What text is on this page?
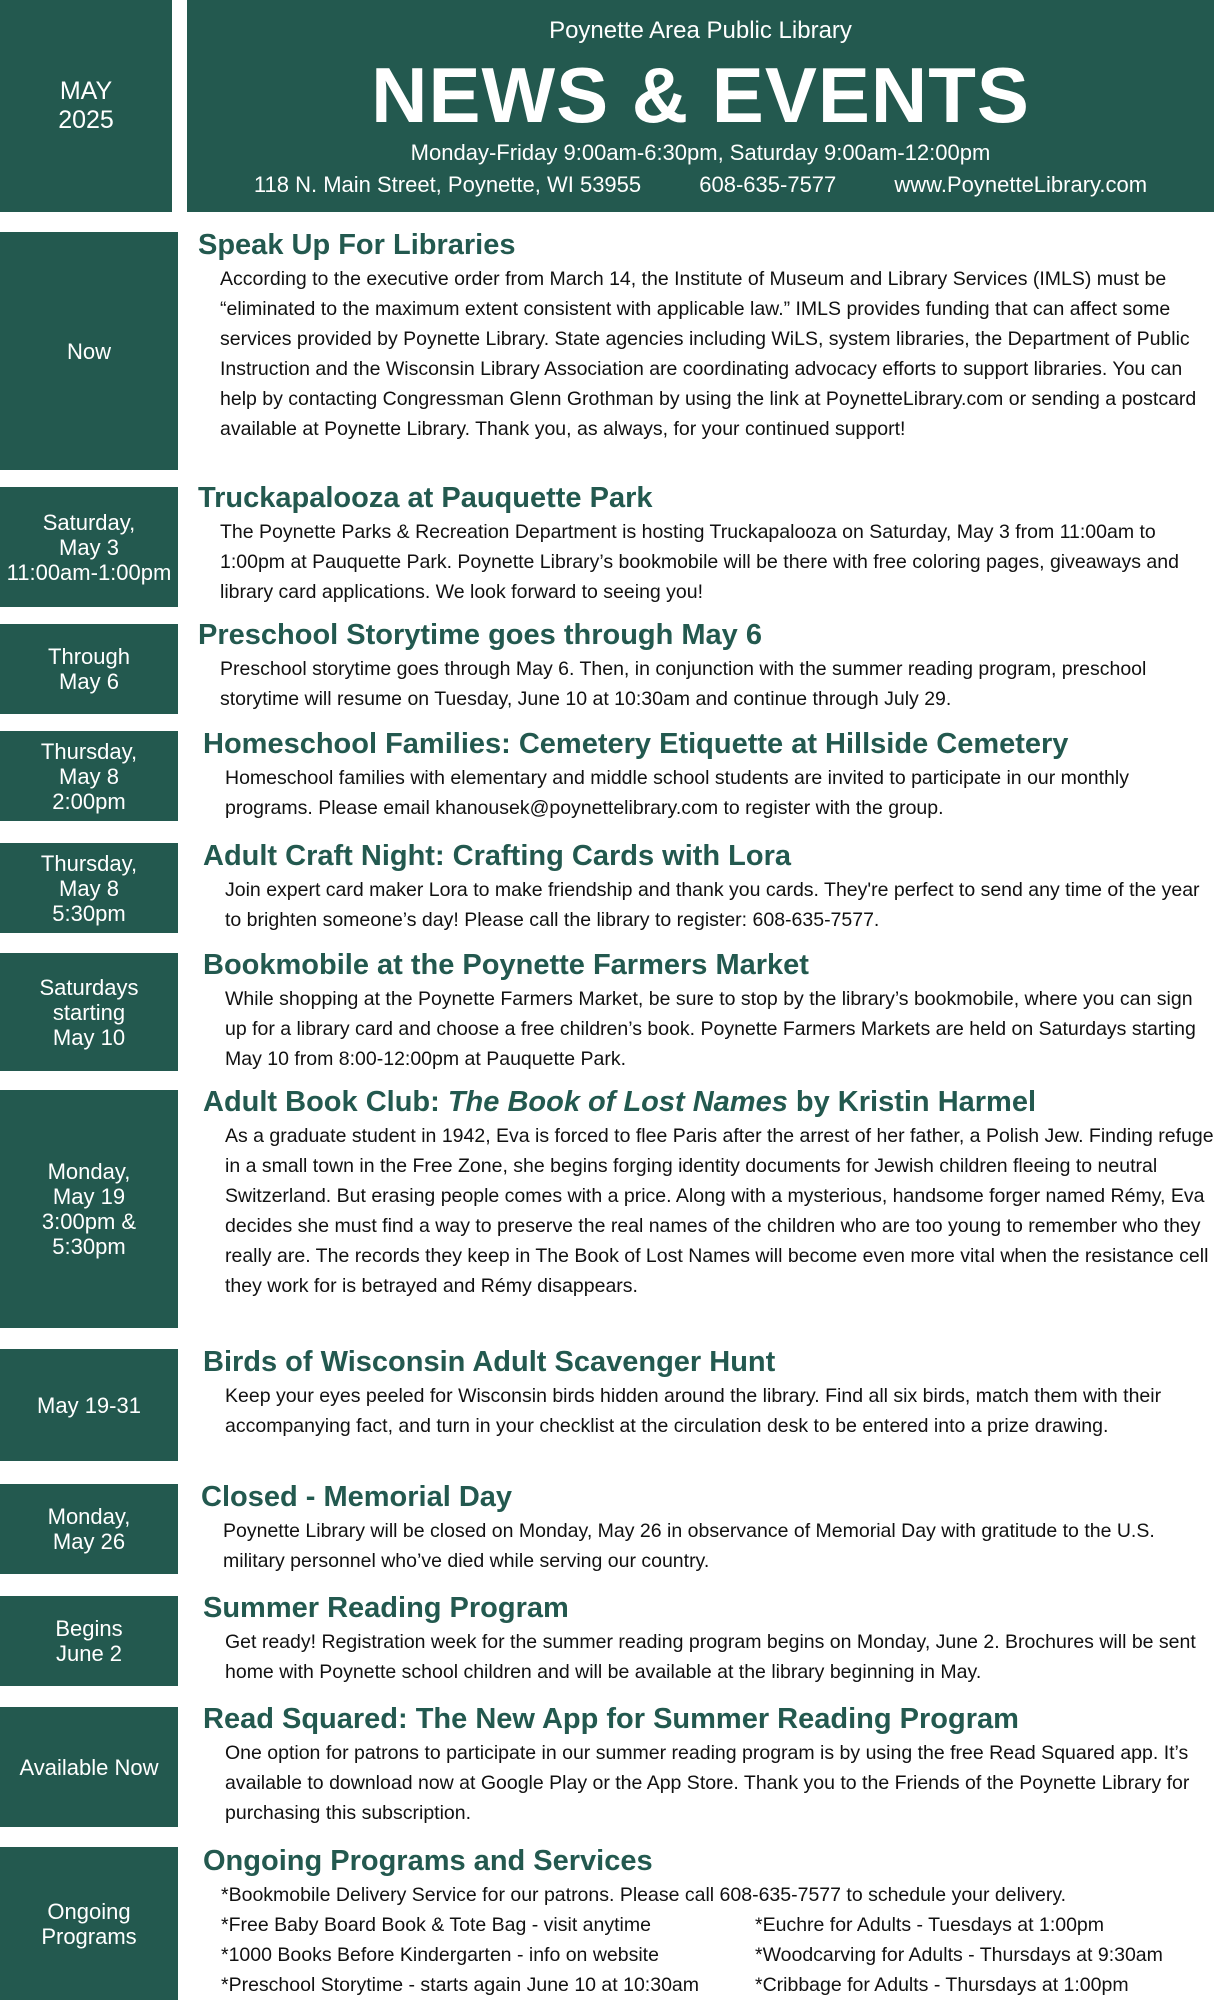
MAY
2025
Poynette Area Public Library
NEWS & EVENTS
Monday-Friday 9:00am-6:30pm, Saturday 9:00am-12:00pm
118 N. Main Street, Poynette, WI 53955	608-635-7577	www.PoynetteLibrary.com
Now
Speak Up For Libraries

According to the executive order from March 14, the Institute of Museum and Library Services (IMLS) must be “eliminated to the maximum extent consistent with applicable law.” IMLS provides funding that can affect some services provided by Poynette Library. State agencies including WiLS, system libraries, the Department of Public Instruction and the Wisconsin Library Association are coordinating advocacy efforts to support libraries. You can help by contacting Congressman Glenn Grothman by using the link at PoynetteLibrary.com or sending a postcard available at Poynette Library. Thank you, as always, for your continued support!

Saturday,
May 3
11:00am-1:00pm
Truckapalooza at Pauquette Park

The Poynette Parks & Recreation Department is hosting Truckapalooza on Saturday, May 3 from 11:00am to 1:00pm at Pauquette Park. Poynette Library’s bookmobile will be there with free coloring pages, giveaways and library card applications. We look forward to seeing you!

Through
May 6
Preschool Storytime goes through May 6

Preschool storytime goes through May 6. Then, in conjunction with the summer reading program, preschool storytime will resume on Tuesday, June 10 at 10:30am and continue through July 29.

Thursday,
May 8
2:00pm
Homeschool Families: Cemetery Etiquette at Hillside Cemetery

Homeschool families with elementary and middle school students are invited to participate in our monthly programs. Please email khanousek@poynettelibrary.com to register with the group.

Thursday,
May 8
5:30pm
Adult Craft Night: Crafting Cards with Lora

Join expert card maker Lora to make friendship and thank you cards. They're perfect to send any time of the year to brighten someone’s day! Please call the library to register: 608-635-7577.

Saturdays
starting
May 10
Bookmobile at the Poynette Farmers Market

While shopping at the Poynette Farmers Market, be sure to stop by the library’s bookmobile, where you can sign up for a library card and choose a free children’s book. Poynette Farmers Markets are held on Saturdays starting May 10 from 8:00-12:00pm at Pauquette Park.

Monday,
May 19
3:00pm &
5:30pm
Adult Book Club: The Book of Lost Names by Kristin Harmel

As a graduate student in 1942, Eva is forced to flee Paris after the arrest of her father, a Polish Jew. Finding refuge in a small town in the Free Zone, she begins forging identity documents for Jewish children fleeing to neutral Switzerland. But erasing people comes with a price. Along with a mysterious, handsome forger named Rémy, Eva decides she must find a way to preserve the real names of the children who are too young to remember who they really are. The records they keep in The Book of Lost Names will become even more vital when the resistance cell they work for is betrayed and Rémy disappears.

May 19-31
Birds of Wisconsin Adult Scavenger Hunt

Keep your eyes peeled for Wisconsin birds hidden around the library. Find all six birds, match them with their accompanying fact, and turn in your checklist at the circulation desk to be entered into a prize drawing.

Monday,
May 26
Closed - Memorial Day

Poynette Library will be closed on Monday, May 26 in observance of Memorial Day with gratitude to the U.S. military personnel who’ve died while serving our country.

Begins
June 2
Summer Reading Program

Get ready! Registration week for the summer reading program begins on Monday, June 2. Brochures will be sent home with Poynette school children and will be available at the library beginning in May.

Available Now
Read Squared: The New App for Summer Reading Program

One option for patrons to participate in our summer reading program is by using the free Read Squared app. It’s available to download now at Google Play or the App Store. Thank you to the Friends of the Poynette Library for purchasing this subscription.

Ongoing
Programs
Ongoing Programs and Services
*Bookmobile Delivery Service for our patrons. Please call 608-635-7577 to schedule your delivery.
*Free Baby Board Book & Tote Bag - visit anytime	*Euchre for Adults - Tuesdays at 1:00pm
*1000 Books Before Kindergarten - info on website	*Woodcarving for Adults - Thursdays at 9:30am
*Preschool Storytime - starts again June 10 at 10:30am	*Cribbage for Adults - Thursdays at 1:00pm
